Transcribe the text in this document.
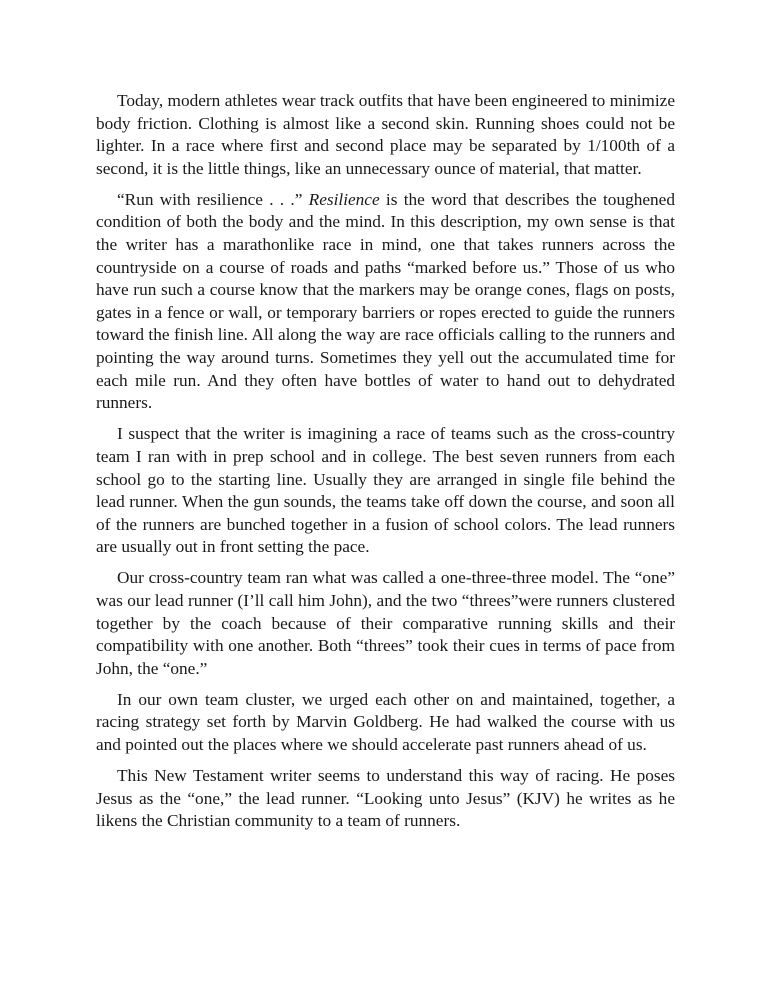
Today, modern athletes wear track outfits that have been engineered to minimize body friction. Clothing is almost like a second skin. Running shoes could not be lighter. In a race where first and second place may be separated by 1/100th of a second, it is the little things, like an unnecessary ounce of material, that matter.

“Run with resilience . . .” Resilience is the word that describes the toughened condition of both the body and the mind. In this description, my own sense is that the writer has a marathonlike race in mind, one that takes runners across the countryside on a course of roads and paths “marked before us.” Those of us who have run such a course know that the markers may be orange cones, flags on posts, gates in a fence or wall, or temporary barriers or ropes erected to guide the runners toward the finish line. All along the way are race officials calling to the runners and pointing the way around turns. Sometimes they yell out the accumulated time for each mile run. And they often have bottles of water to hand out to dehydrated runners.

I suspect that the writer is imagining a race of teams such as the cross-country team I ran with in prep school and in college. The best seven runners from each school go to the starting line. Usually they are arranged in single file behind the lead runner. When the gun sounds, the teams take off down the course, and soon all of the runners are bunched together in a fusion of school colors. The lead runners are usually out in front setting the pace.

Our cross-country team ran what was called a one-three-three model. The “one” was our lead runner (I’ll call him John), and the two “threes”were runners clustered together by the coach because of their comparative running skills and their compatibility with one another. Both “threes” took their cues in terms of pace from John, the “one.”

In our own team cluster, we urged each other on and maintained, together, a racing strategy set forth by Marvin Goldberg. He had walked the course with us and pointed out the places where we should accelerate past runners ahead of us.

This New Testament writer seems to understand this way of racing. He poses Jesus as the “one,” the lead runner. “Looking unto Jesus” (KJV) he writes as he likens the Christian community to a team of runners.
